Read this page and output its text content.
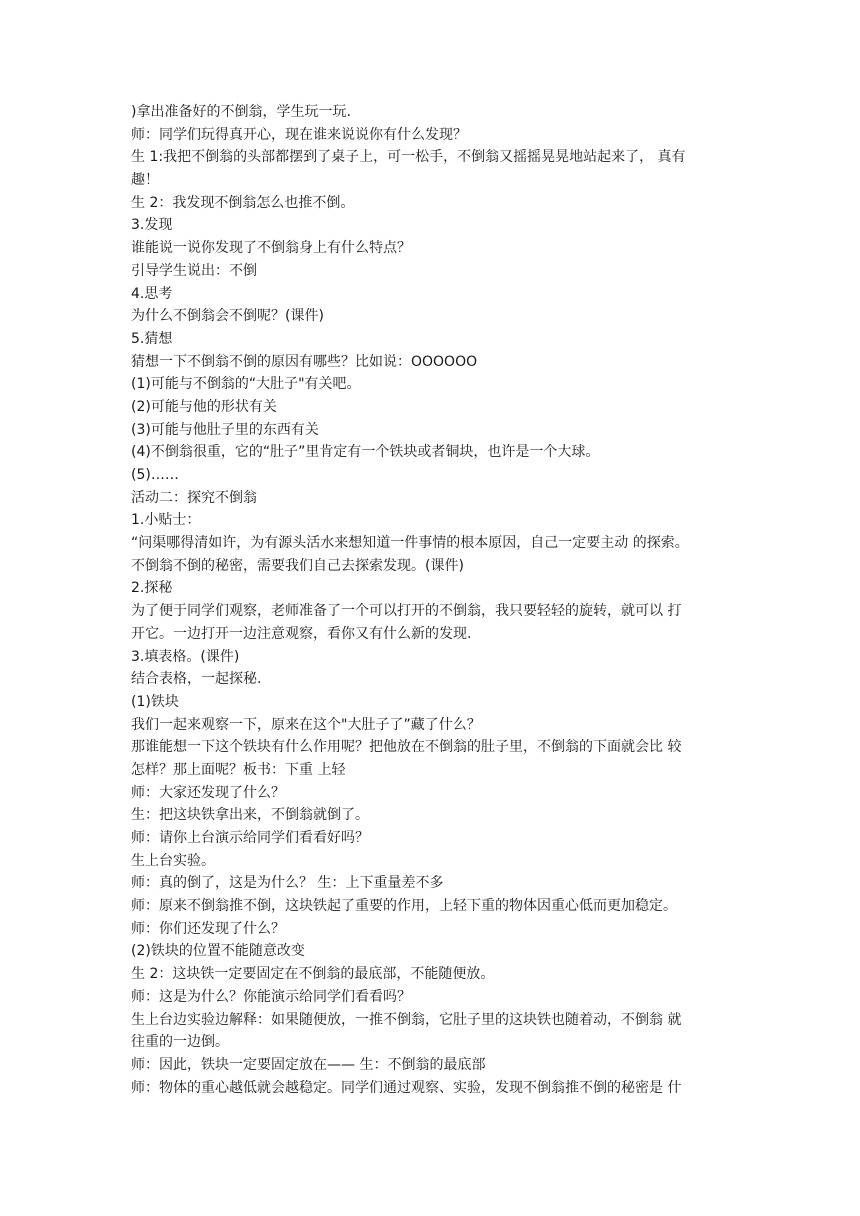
)拿出准备好的不倒翁，学生玩一玩.
师：同学们玩得真开心，现在谁来说说你有什么发现？
生 1:我把不倒翁的头部都摆到了桌子上，可一松手，不倒翁又摇摇晃晃地站起来了， 真有
趣！
生 2：我发现不倒翁怎么也推不倒。
3.发现
谁能说一说你发现了不倒翁身上有什么特点？
引导学生说出：不倒
4.思考
为什么不倒翁会不倒呢？(课件)
5.猜想
猜想一下不倒翁不倒的原因有哪些？比如说：OOOOOO
(1)可能与不倒翁的“大肚子"有关吧。
(2)可能与他的形状有关
(3)可能与他肚子里的东西有关
(4)不倒翁很重，它的“肚子”里肯定有一个铁块或者铜块，也许是一个大球。
(5)……
活动二：探究不倒翁
1.小贴士：
“问渠哪得清如许，为有源头活水来想知道一件事情的根本原因，自己一定要主动 的探索。
不倒翁不倒的秘密，需要我们自己去探索发现。(课件)
2.探秘
为了便于同学们观察，老师准备了一个可以打开的不倒翁，我只要轻轻的旋转，就可以 打
开它。一边打开一边注意观察，看你又有什么新的发现.
3.填表格。(课件)
结合表格，一起探秘.
(1)铁块
我们一起来观察一下，原来在这个"大肚子了”藏了什么？
那谁能想一下这个铁块有什么作用呢？把他放在不倒翁的肚子里，不倒翁的下面就会比 较
怎样？那上面呢？板书：下重 上轻
师：大家还发现了什么？
生：把这块铁拿出来，不倒翁就倒了。
师：请你上台演示给同学们看看好吗？
生上台实验。
师：真的倒了，这是为什么？ 生：上下重量差不多
师：原来不倒翁推不倒，这块铁起了重要的作用，上轻下重的物体因重心低而更加稳定。
师：你们还发现了什么？
(2)铁块的位置不能随意改变
生 2：这块铁一定要固定在不倒翁的最底部，不能随便放。
师：这是为什么？你能演示给同学们看看吗？
生上台边实验边解释：如果随便放，一推不倒翁，它肚子里的这块铁也随着动，不倒翁 就
往重的一边倒。
师：因此，铁块一定要固定放在—— 生：不倒翁的最底部
师：物体的重心越低就会越稳定。同学们通过观察、实验，发现不倒翁推不倒的秘密是 什
